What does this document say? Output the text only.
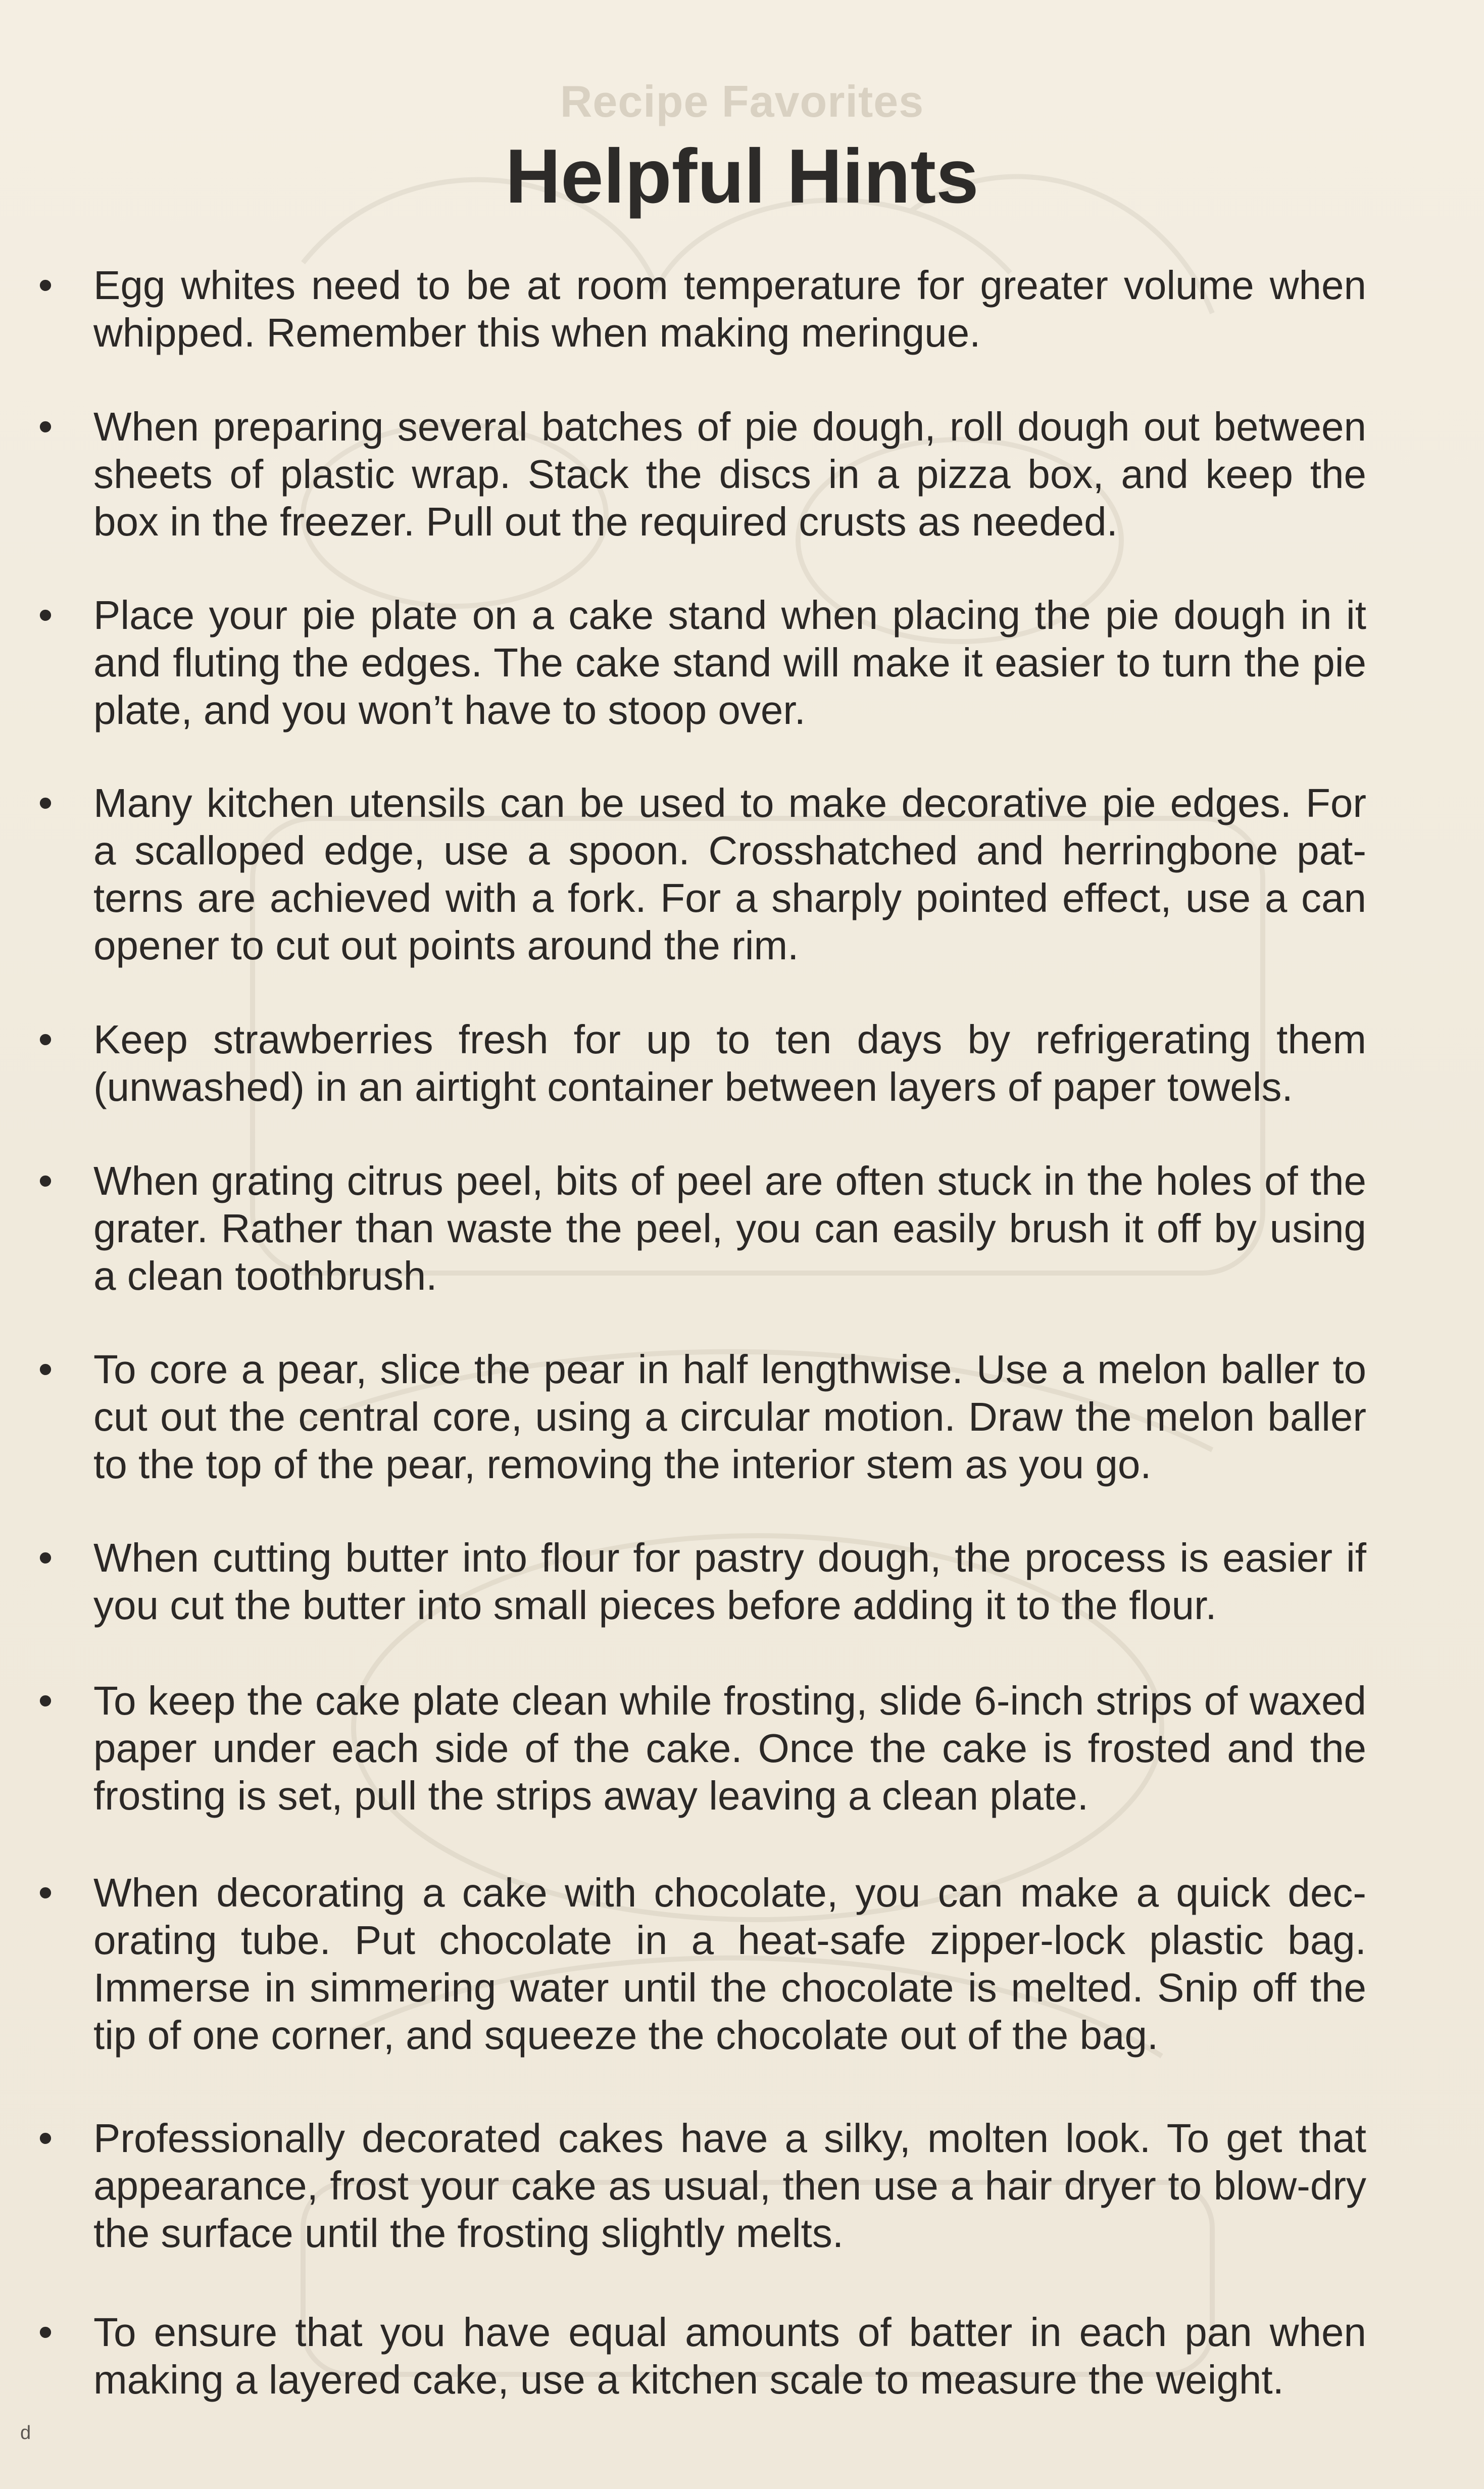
Recipe Favorites
Helpful Hints
• Egg whites need to be at room temperature for greater volume when whipped. Remember this when making meringue.

• When preparing several batches of pie dough, roll dough out between sheets of plastic wrap. Stack the discs in a pizza box, and keep the box in the freezer. Pull out the required crusts as needed.

• Place your pie plate on a cake stand when placing the pie dough in it and fluting the edges. The cake stand will make it easier to turn the pie plate, and you won’t have to stoop over.

• Many kitchen utensils can be used to make decorative pie edges. For a scalloped edge, use a spoon. Crosshatched and herringbone pat-terns are achieved with a fork. For a sharply pointed effect, use a can opener to cut out points around the rim.

• Keep strawberries fresh for up to ten days by refrigerating them (unwashed) in an airtight container between layers of paper towels.

• When grating citrus peel, bits of peel are often stuck in the holes of the grater. Rather than waste the peel, you can easily brush it off by using a clean toothbrush.

• To core a pear, slice the pear in half lengthwise. Use a melon baller to cut out the central core, using a circular motion. Draw the melon baller to the top of the pear, removing the interior stem as you go.

• When cutting butter into flour for pastry dough, the process is easier if you cut the butter into small pieces before adding it to the flour.

• To keep the cake plate clean while frosting, slide 6-inch strips of waxed paper under each side of the cake. Once the cake is frosted and the frosting is set, pull the strips away leaving a clean plate.

• When decorating a cake with chocolate, you can make a quick dec-orating tube. Put chocolate in a heat-safe zipper-lock plastic bag. Immerse in simmering water until the chocolate is melted. Snip off the tip of one corner, and squeeze the chocolate out of the bag.

• Professionally decorated cakes have a silky, molten look. To get that appearance, frost your cake as usual, then use a hair dryer to blow-dry the surface until the frosting slightly melts.

• To ensure that you have equal amounts of batter in each pan when making a layered cake, use a kitchen scale to measure the weight.

d
